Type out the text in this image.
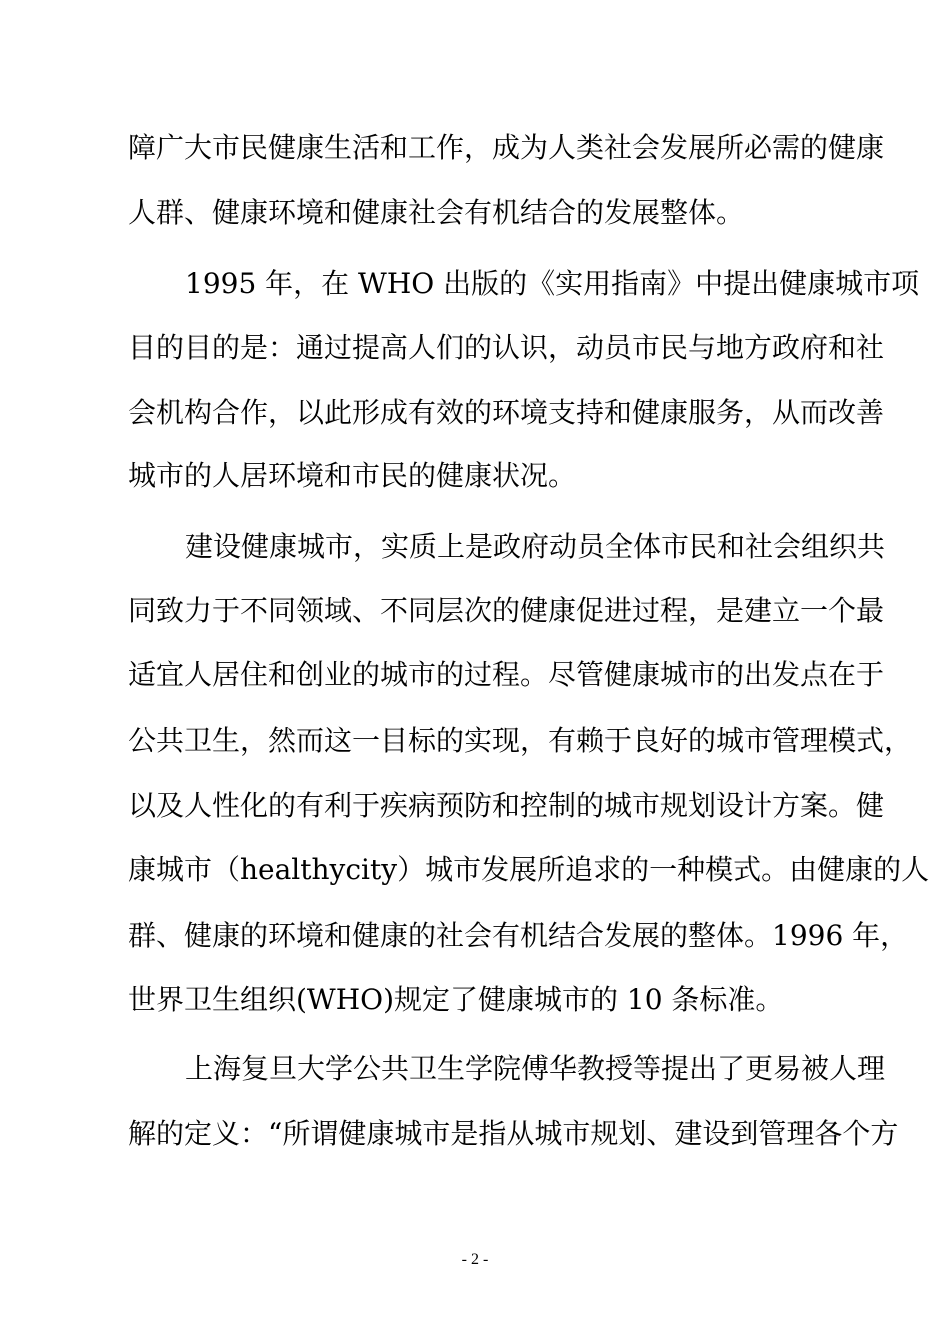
障广大市民健康生活和工作，成为人类社会发展所必需的健康
人群、健康环境和健康社会有机结合的发展整体。
1995 年，在 WHO 出版的《实用指南》中提出健康城市项
目的目的是：通过提高人们的认识，动员市民与地方政府和社
会机构合作，以此形成有效的环境支持和健康服务，从而改善
城市的人居环境和市民的健康状况。
建设健康城市，实质上是政府动员全体市民和社会组织共
同致力于不同领域、不同层次的健康促进过程，是建立一个最
适宜人居住和创业的城市的过程。尽管健康城市的出发点在于
公共卫生，然而这一目标的实现，有赖于良好的城市管理模式，
以及人性化的有利于疾病预防和控制的城市规划设计方案。健
康城市（healthycity）城市发展所追求的一种模式。由健康的人
群、健康的环境和健康的社会有机结合发展的整体。1996 年，
世界卫生组织(WHO)规定了健康城市的 10 条标准。
上海复旦大学公共卫生学院傅华教授等提出了更易被人理
解的定义：“所谓健康城市是指从城市规划、建设到管理各个方
- 2 -
